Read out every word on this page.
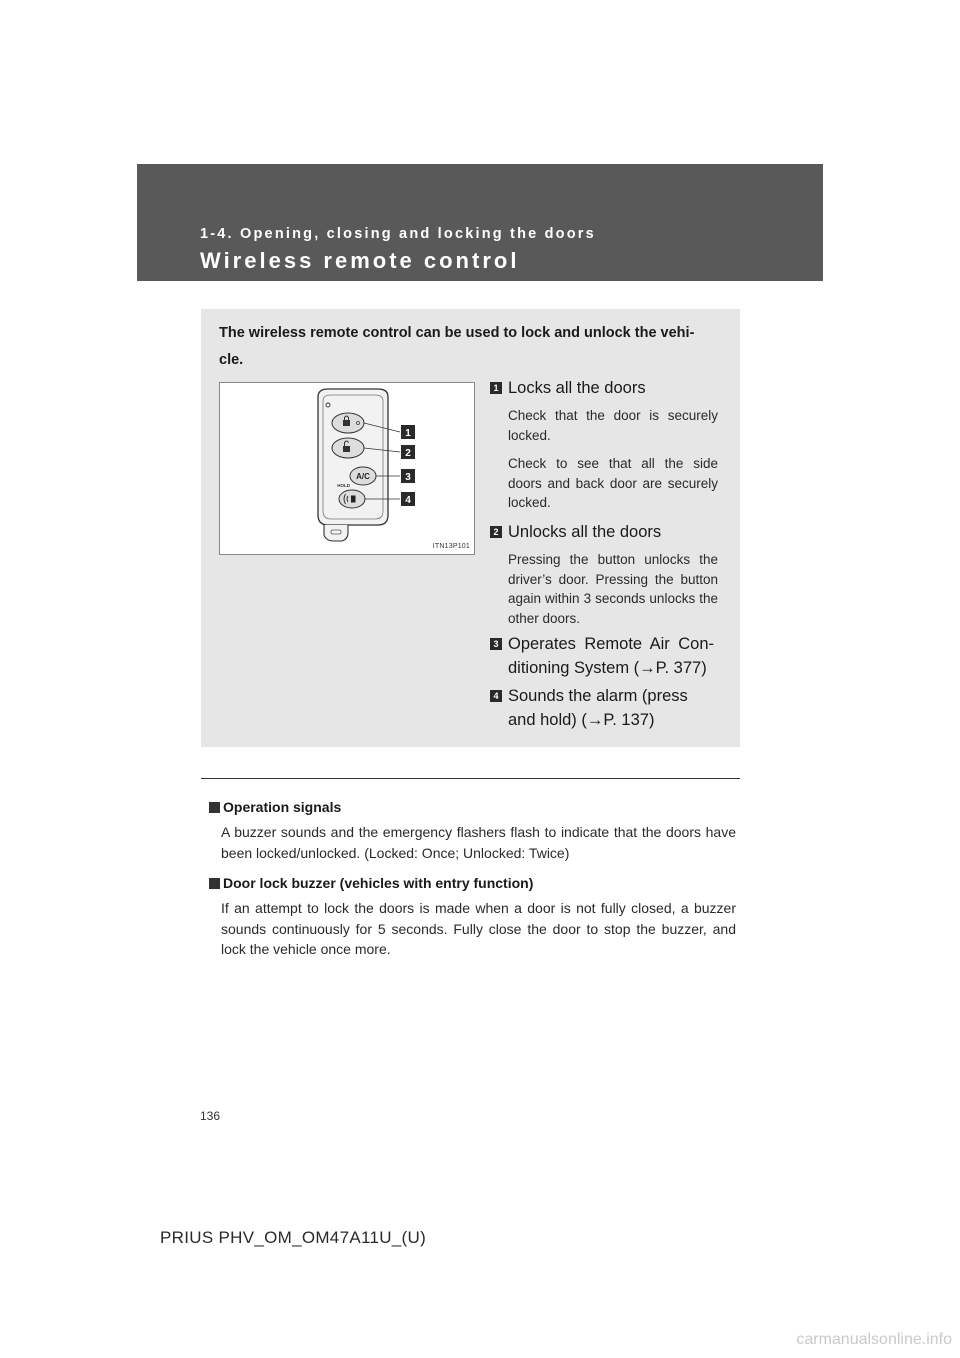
1-4. Opening, closing and locking the doors
Wireless remote control
The wireless remote control can be used to lock and unlock the vehi- cle.
A/C
HOLD
1
2
3
4
ITN13P101
1 Locks all the doors
Check that the door is securely locked.
Check to see that all the side doors and back door are securely locked.
2 Unlocks all the doors
Pressing the button unlocks the driver’s door. Pressing the button again within 3 seconds unlocks the other doors.
3 Operates Remote Air Con- ditioning System (→P. 377)
4 Sounds the alarm (press and hold) (→P. 137)
Operation signals
A buzzer sounds and the emergency flashers flash to indicate that the doors have been locked/unlocked. (Locked: Once; Unlocked: Twice)
Door lock buzzer (vehicles with entry function)
If an attempt to lock the doors is made when a door is not fully closed, a buzzer sounds continuously for 5 seconds. Fully close the door to stop the buzzer, and lock the vehicle once more.
136
PRIUS PHV_OM_OM47A11U_(U)
carmanualsonline.info
